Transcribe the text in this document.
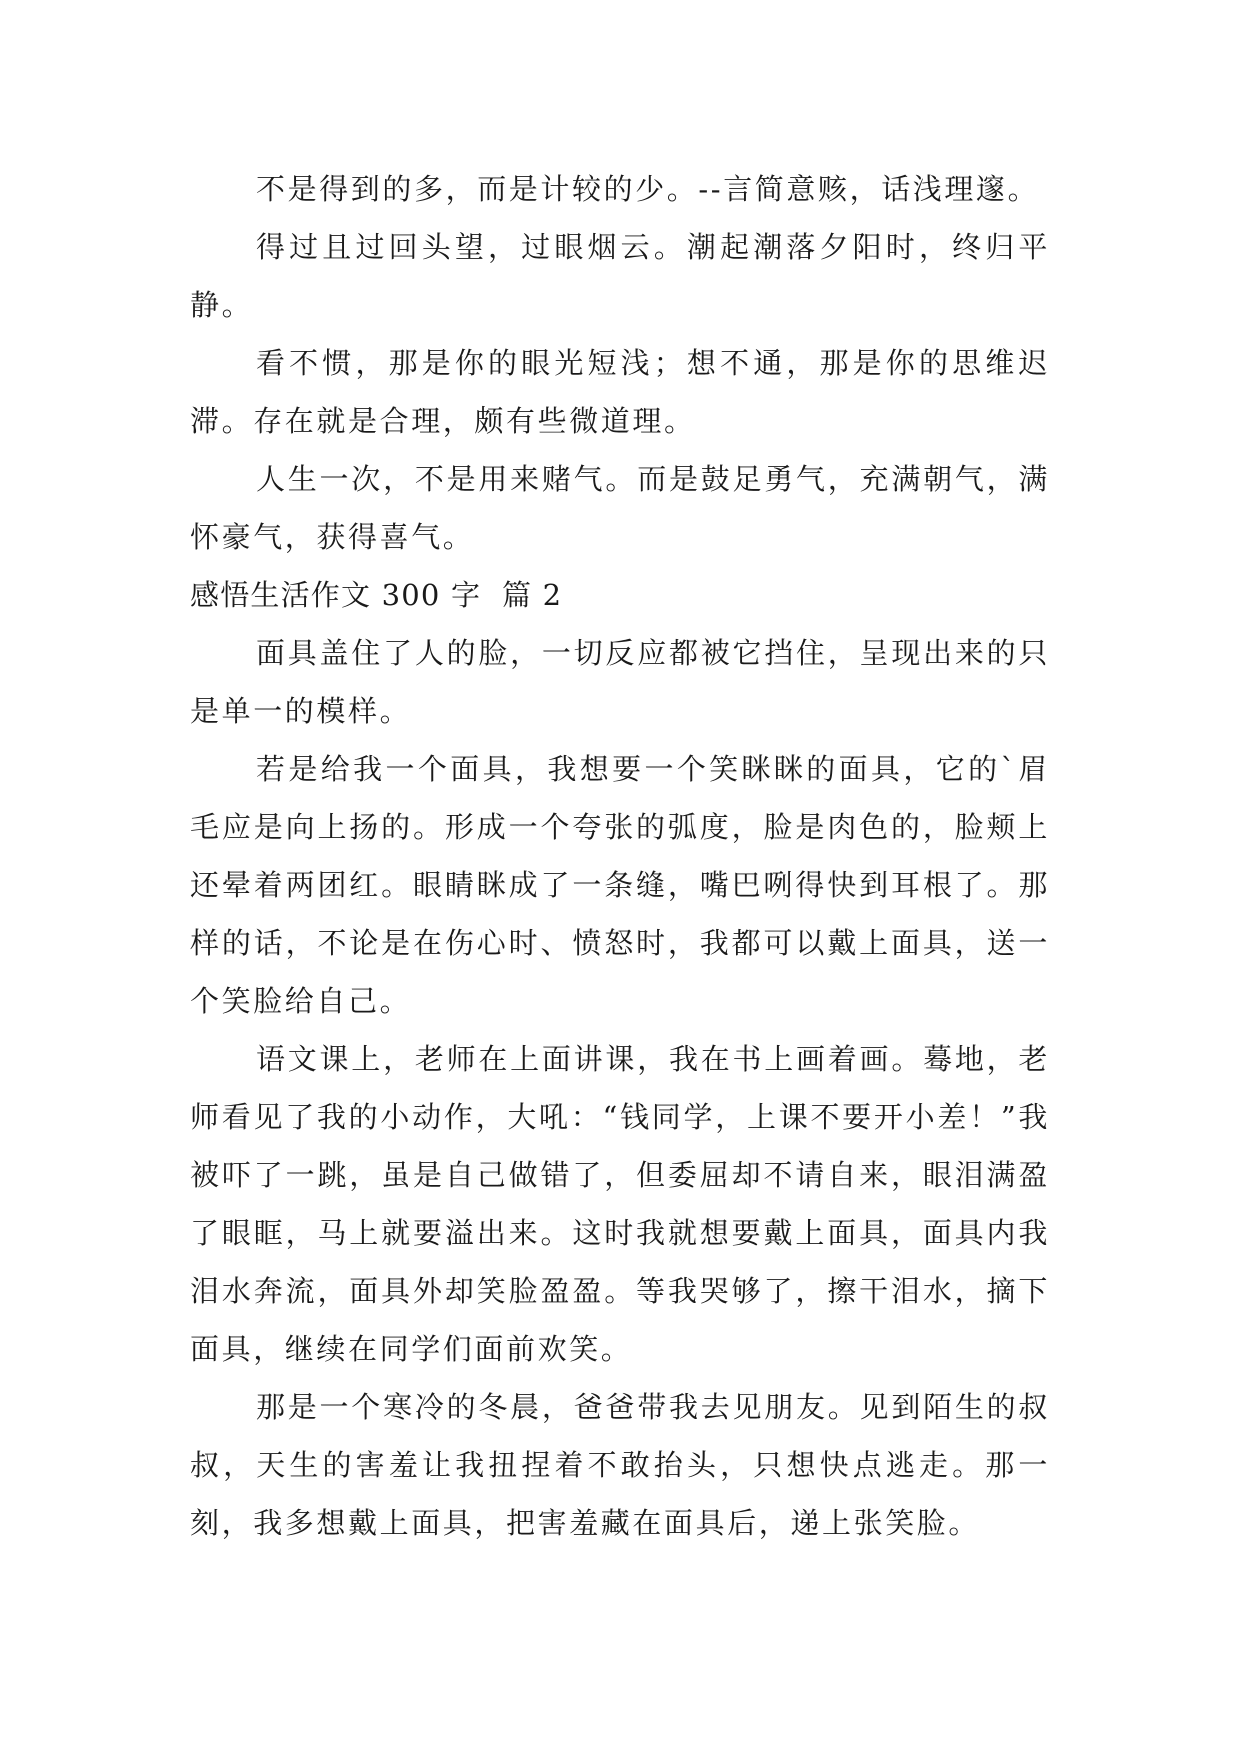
不是得到的多，而是计较的少。--言简意赅，话浅理邃。

得过且过回头望，过眼烟云。潮起潮落夕阳时，终归平静。

看不惯，那是你的眼光短浅；想不通，那是你的思维迟滞。存在就是合理，颇有些微道理。

人生一次，不是用来赌气。而是鼓足勇气，充满朝气，满怀豪气，获得喜气。

感悟生活作文 300 字  篇 2

面具盖住了人的脸，一切反应都被它挡住，呈现出来的只是单一的模样。

若是给我一个面具，我想要一个笑眯眯的面具，它的`眉毛应是向上扬的。形成一个夸张的弧度，脸是肉色的，脸颊上还晕着两团红。眼睛眯成了一条缝，嘴巴咧得快到耳根了。那样的话，不论是在伤心时、愤怒时，我都可以戴上面具，送一个笑脸给自己。

语文课上，老师在上面讲课，我在书上画着画。蓦地，老师看见了我的小动作，大吼：“钱同学，上课不要开小差！”我被吓了一跳，虽是自己做错了，但委屈却不请自来，眼泪满盈了眼眶，马上就要溢出来。这时我就想要戴上面具，面具内我泪水奔流，面具外却笑脸盈盈。等我哭够了，擦干泪水，摘下面具，继续在同学们面前欢笑。

那是一个寒冷的冬晨，爸爸带我去见朋友。见到陌生的叔叔，天生的害羞让我扭捏着不敢抬头，只想快点逃走。那一刻，我多想戴上面具，把害羞藏在面具后，递上张笑脸。
